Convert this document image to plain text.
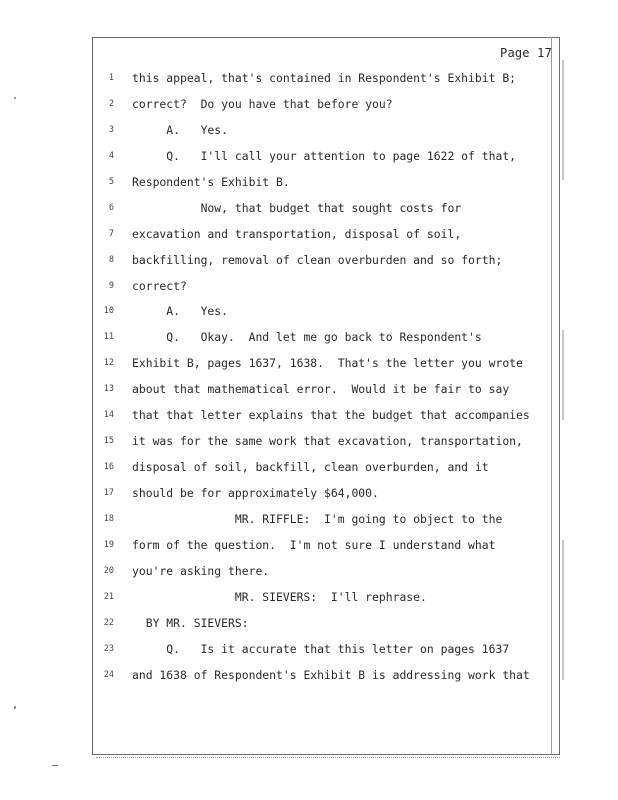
Page 17
1 this appeal, that's contained in Respondent's Exhibit B;
2 correct?  Do you have that before you?
3 A.   Yes.
4 Q.   I'll call your attention to page 1622 of that,
5 Respondent's Exhibit B.
6 Now, that budget that sought costs for
7 excavation and transportation, disposal of soil,
8 backfilling, removal of clean overburden and so forth;
9 correct?
10 A.   Yes.
11 Q.   Okay.  And let me go back to Respondent's
12 Exhibit B, pages 1637, 1638.  That's the letter you wrote
13 about that mathematical error.  Would it be fair to say
14 that that letter explains that the budget that accompanies
15 it was for the same work that excavation, transportation,
16 disposal of soil, backfill, clean overburden, and it
17 should be for approximately $64,000.
18 MR. RIFFLE:  I'm going to object to the
19 form of the question.  I'm not sure I understand what
20 you're asking there.
21 MR. SIEVERS:  I'll rephrase.
22 BY MR. SIEVERS:
23 Q.   Is it accurate that this letter on pages 1637
24 and 1638 of Respondent's Exhibit B is addressing work that
